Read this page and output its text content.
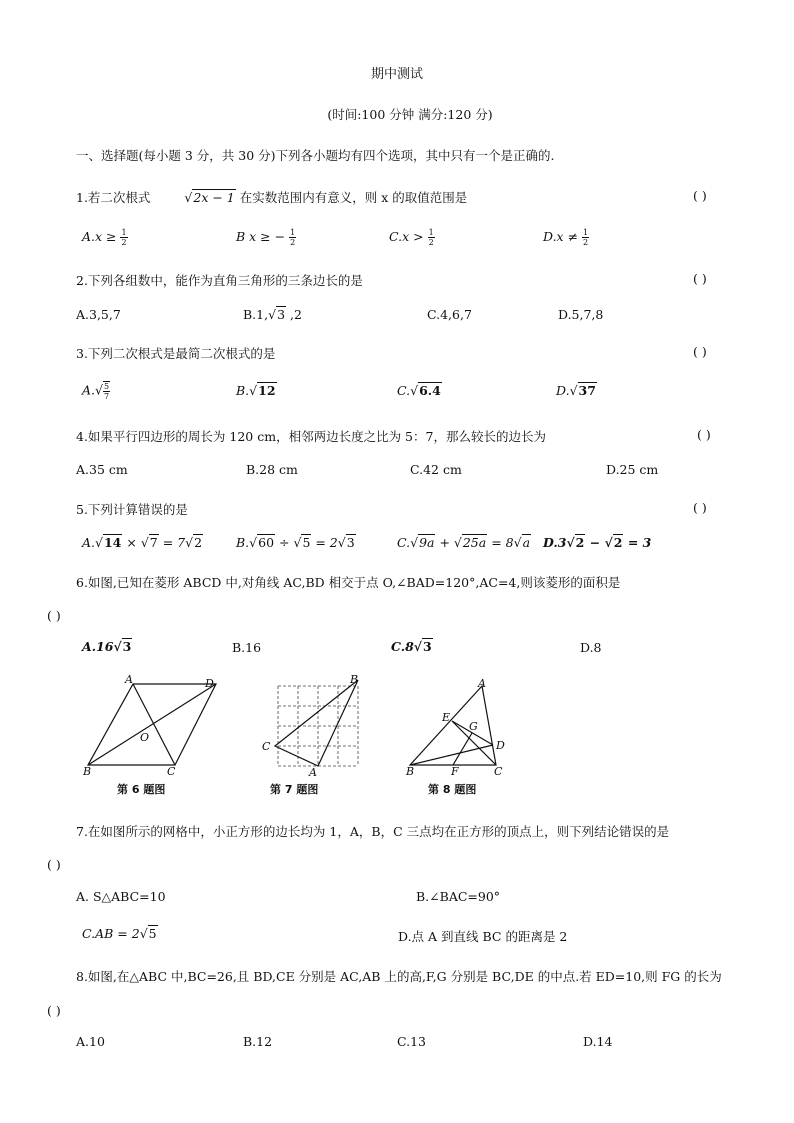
期中测试
(时间:100 分钟 满分:120 分)
一、选择题(每小题 3 分，共 30 分)下列各小题均有四个选项，其中只有一个是正确的.
1.若二次根式	√2x − 1 在实数范围内有意义，则 x 的取值范围是	( )
$A.x \ge \frac{1}{2}$	B x ≥ − $\frac{1}{2}$	$C.x > \frac{1}{2}$	$D.x \ne \frac{1}{2}$
2.下列各组数中，能作为直角三角形的三条边长的是	( )
A.3,5,7	B.1,√3 ,2	C.4,6,7	D.5,7,8
3.下列二次根式是最简二次根式的是	( )
$A.√ \frac{5}{7}$	B.√12	C.√6.4	D.√37
4.如果平行四边形的周长为 120 cm，相邻两边长度之比为 5：7，那么较长的边长为	( )
A.35 cm	B.28 cm	C.42 cm	D.25 cm
5.下列计算错误的是	( )
A.√14 × √7 = 7√2	B.√60 ÷ √5 = 2√3	C.√9a + √25a = 8√a D.3√2 − √2 = 3
6.如图,已知在菱形 ABCD 中,对角线 AC,BD 相交于点 O,∠BAD=120°,AC=4,则该菱形的面积是
( )
A.16√3	B.16	C.8√3	D.8
A	D
B	C
O
第 6 题图
B
C
A
第 7 题图
A
E
G
D
B	F	C
第 8 题图
7.在如图所示的网格中，小正方形的边长均为 1，A，B，C 三点均在正方形的顶点上，则下列结论错误的是
( )
A. S△ABC=10	B.∠BAC=90°
C.AB = 2√5	D.点 A 到直线 BC 的距离是 2
8.如图,在△ABC 中,BC=26,且 BD,CE 分别是 AC,AB 上的高,F,G 分别是 BC,DE 的中点.若 ED=10,则 FG 的长为
( )
A.10	B.12	C.13	D.14
